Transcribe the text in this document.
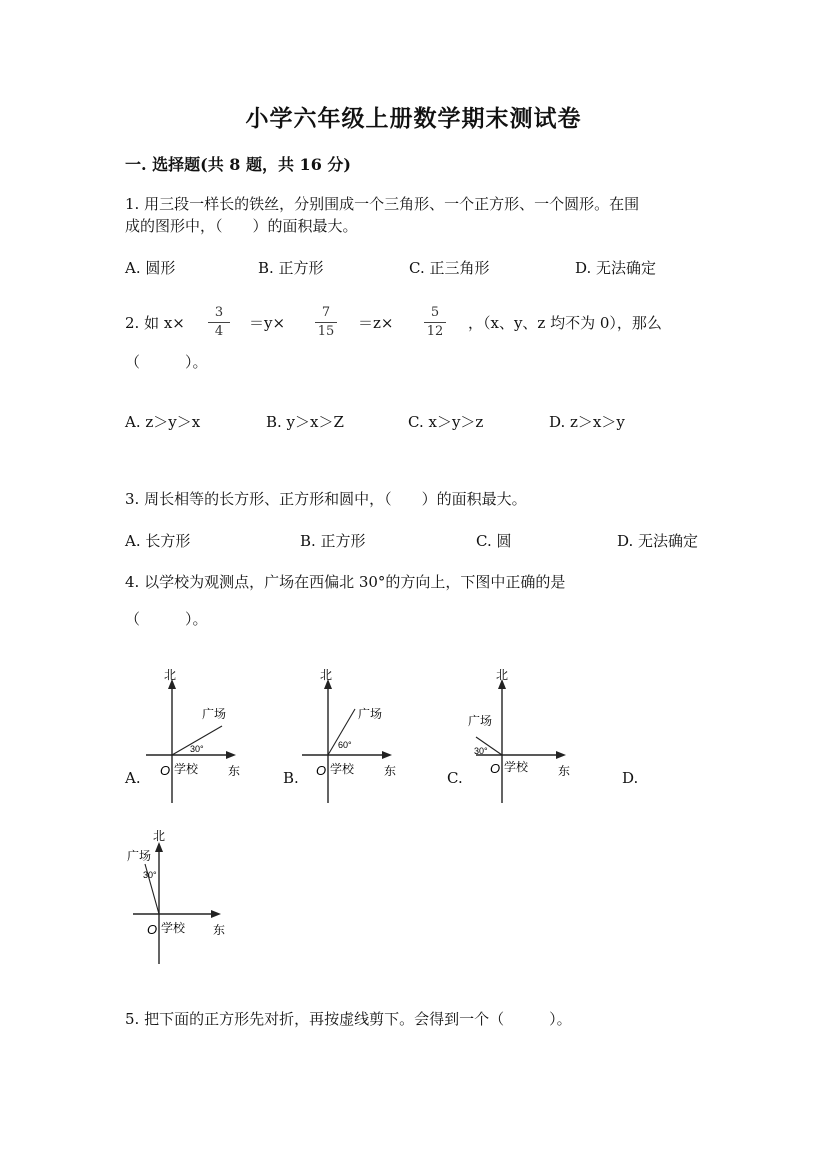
小学六年级上册数学期末测试卷
一. 选择题(共 8 题，共 16 分)
1. 用三段一样长的铁丝，分别围成一个三角形、一个正方形、一个圆形。在围
成的图形中，（　　）的面积最大。
A. 圆形	B. 正方形	C. 正三角形	D. 无法确定
2. 如 x×
3
4	＝y×
7
15	＝z×
5
12	，（x、y、z 均不为 0），那么
（　　　）。
A. z＞y＞x	B. y＞x＞Z	C. x＞y＞z	D. z＞x＞y
3. 周长相等的长方形、正方形和圆中，（　　）的面积最大。
A. 长方形	B. 正方形	C. 圆	D. 无法确定
4. 以学校为观测点，广场在西偏北 30°的方向上，下图中正确的是
（　　　）。
A.	B.	C.	D.
北
东
O 学校
广场
30°
北
东
O 学校
广场
60°
北
东
O 学校
广场
30°
北
东
O 学校
广场
30°
5. 把下面的正方形先对折，再按虚线剪下。会得到一个（　　　）。
